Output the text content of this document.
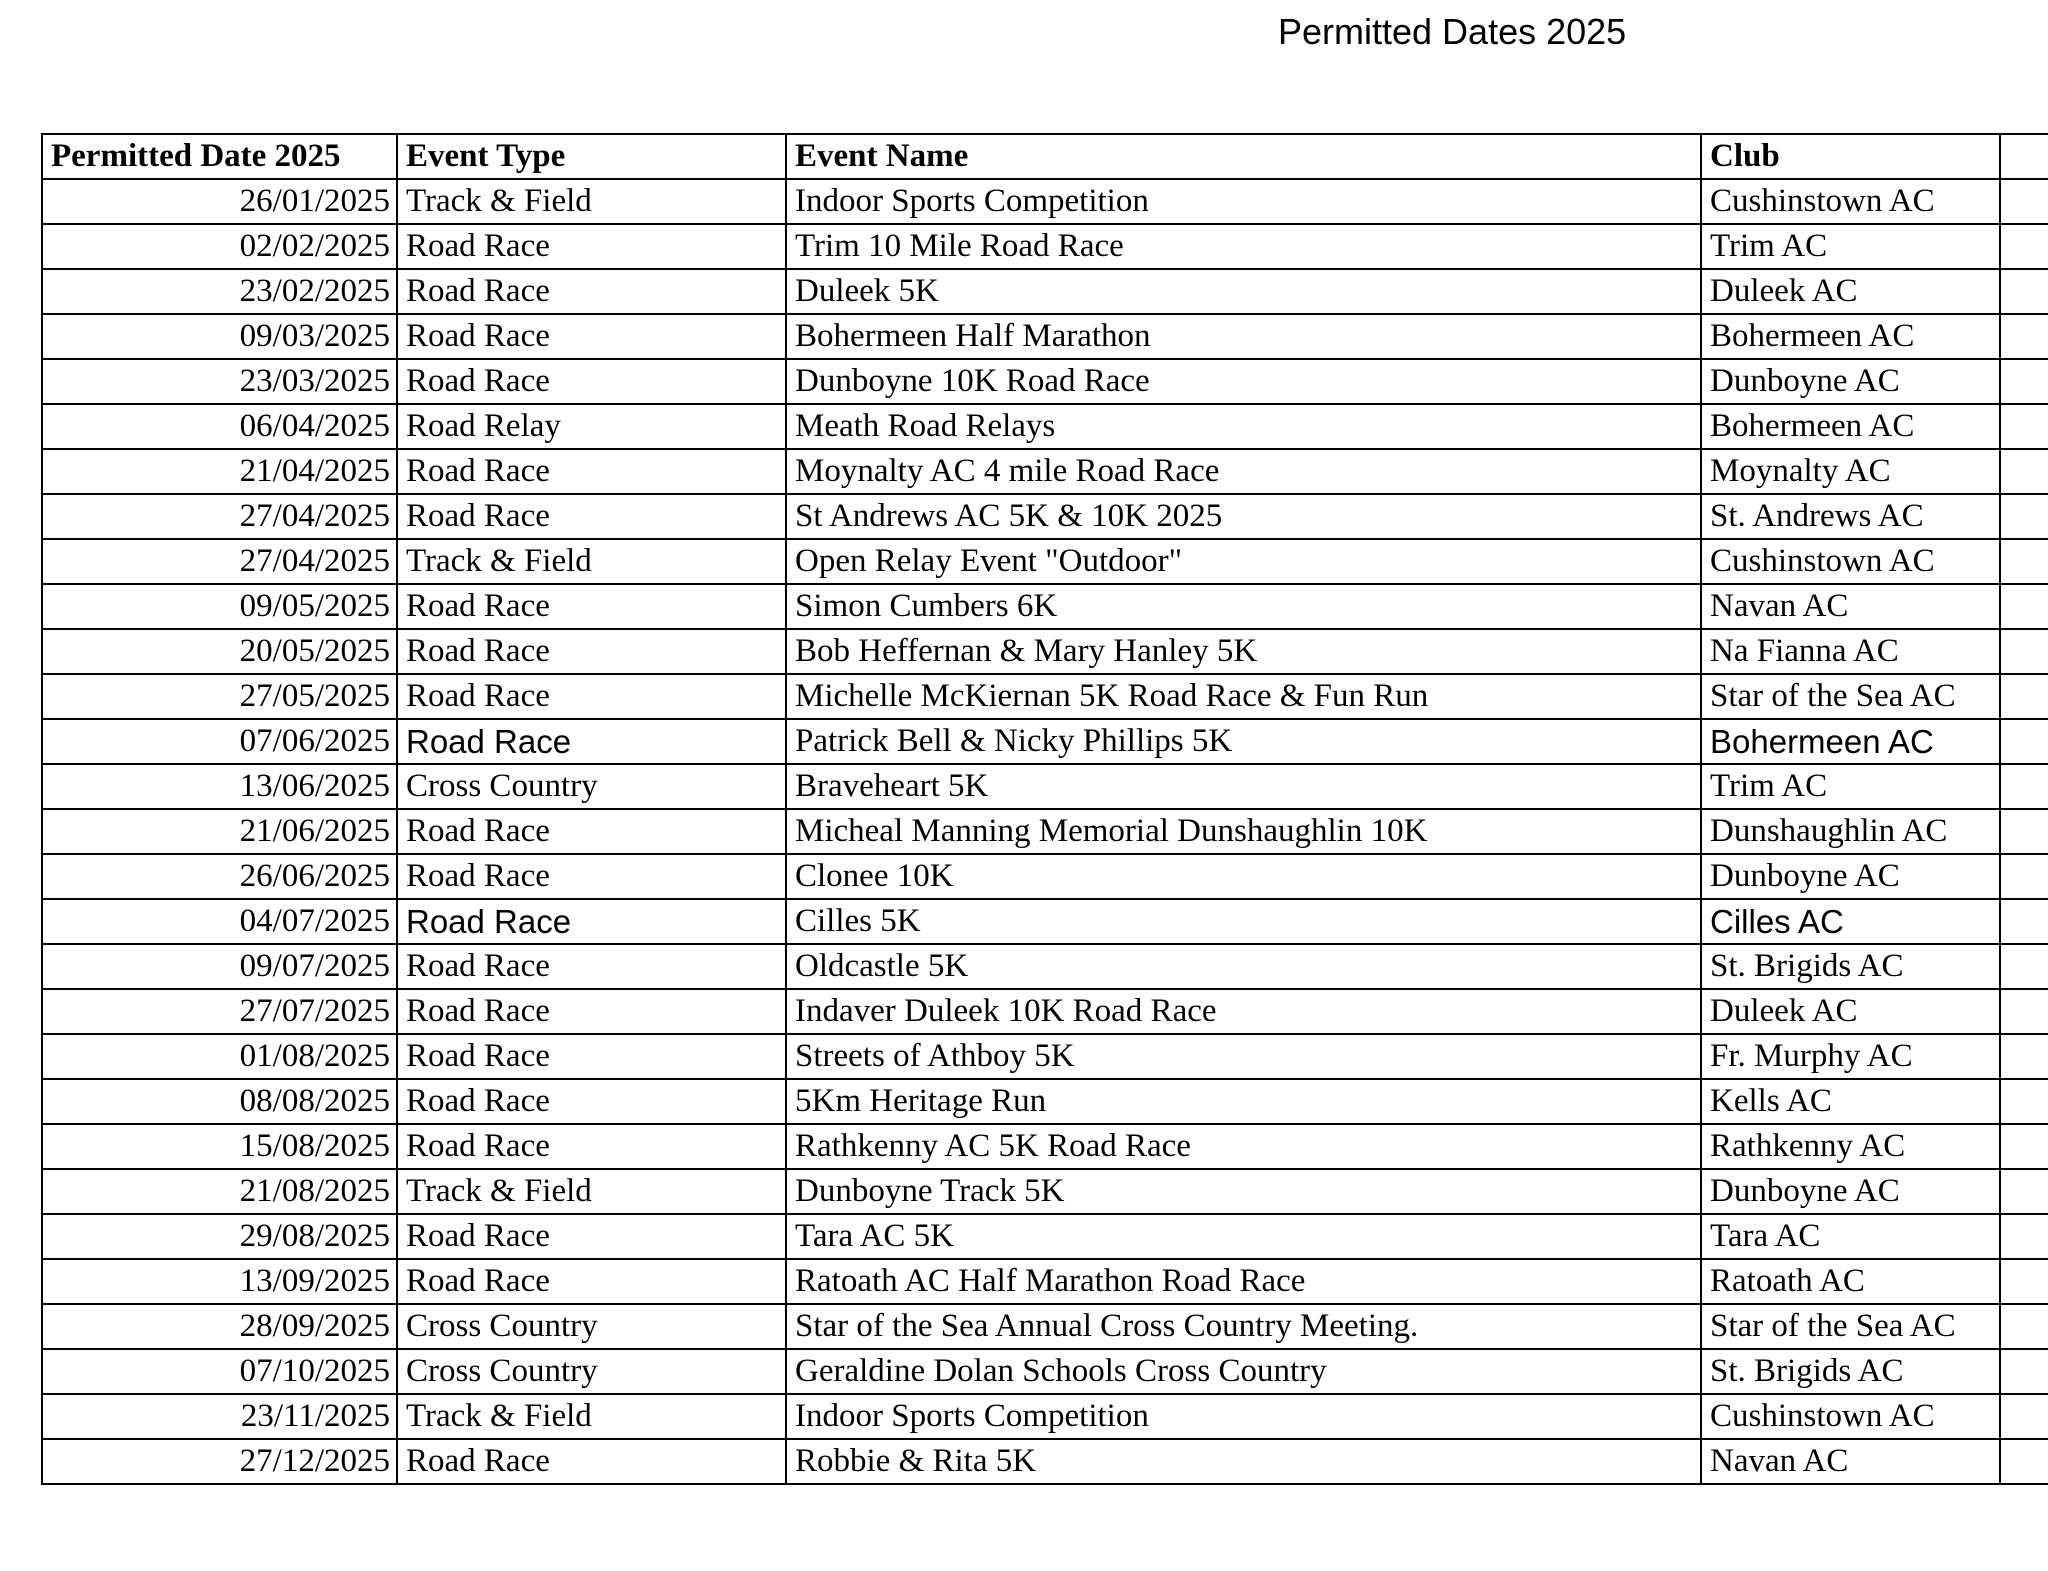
Permitted Dates 2025
Permitted Date 2025	Event Type	Event Name	Club	
26/01/2025	Track & Field	Indoor Sports Competition	Cushinstown AC	
02/02/2025	Road Race	Trim 10 Mile Road Race	Trim AC	
23/02/2025	Road Race	Duleek 5K	Duleek AC	
09/03/2025	Road Race	Bohermeen Half Marathon	Bohermeen AC	
23/03/2025	Road Race	Dunboyne 10K Road Race	Dunboyne AC	
06/04/2025	Road Relay	Meath Road Relays	Bohermeen AC	
21/04/2025	Road Race	Moynalty AC 4 mile Road Race	Moynalty AC	
27/04/2025	Road Race	St Andrews AC 5K & 10K 2025	St. Andrews AC	
27/04/2025	Track & Field	Open Relay Event "Outdoor"	Cushinstown AC	
09/05/2025	Road Race	Simon Cumbers 6K	Navan AC	
20/05/2025	Road Race	Bob Heffernan & Mary Hanley 5K	Na Fianna AC	
27/05/2025	Road Race	Michelle McKiernan 5K Road Race & Fun Run	Star of the Sea AC	
07/06/2025	Road Race	Patrick Bell & Nicky Phillips 5K	Bohermeen AC	
13/06/2025	Cross Country	Braveheart 5K	Trim AC	
21/06/2025	Road Race	Micheal Manning Memorial Dunshaughlin 10K	Dunshaughlin AC	
26/06/2025	Road Race	Clonee 10K	Dunboyne AC	
04/07/2025	Road Race	Cilles 5K	Cilles AC	
09/07/2025	Road Race	Oldcastle 5K	St. Brigids AC	
27/07/2025	Road Race	Indaver Duleek 10K Road Race	Duleek AC	
01/08/2025	Road Race	Streets of Athboy 5K	Fr. Murphy AC	
08/08/2025	Road Race	5Km Heritage Run	Kells AC	
15/08/2025	Road Race	Rathkenny AC 5K Road Race	Rathkenny AC	
21/08/2025	Track & Field	Dunboyne Track 5K	Dunboyne AC	
29/08/2025	Road Race	Tara AC 5K	Tara AC	
13/09/2025	Road Race	Ratoath AC Half Marathon Road Race	Ratoath AC	
28/09/2025	Cross Country	Star of the Sea Annual Cross Country Meeting.	Star of the Sea AC	
07/10/2025	Cross Country	Geraldine Dolan Schools Cross Country	St. Brigids AC	
23/11/2025	Track & Field	Indoor Sports Competition	Cushinstown AC	
27/12/2025	Road Race	Robbie & Rita 5K	Navan AC	
